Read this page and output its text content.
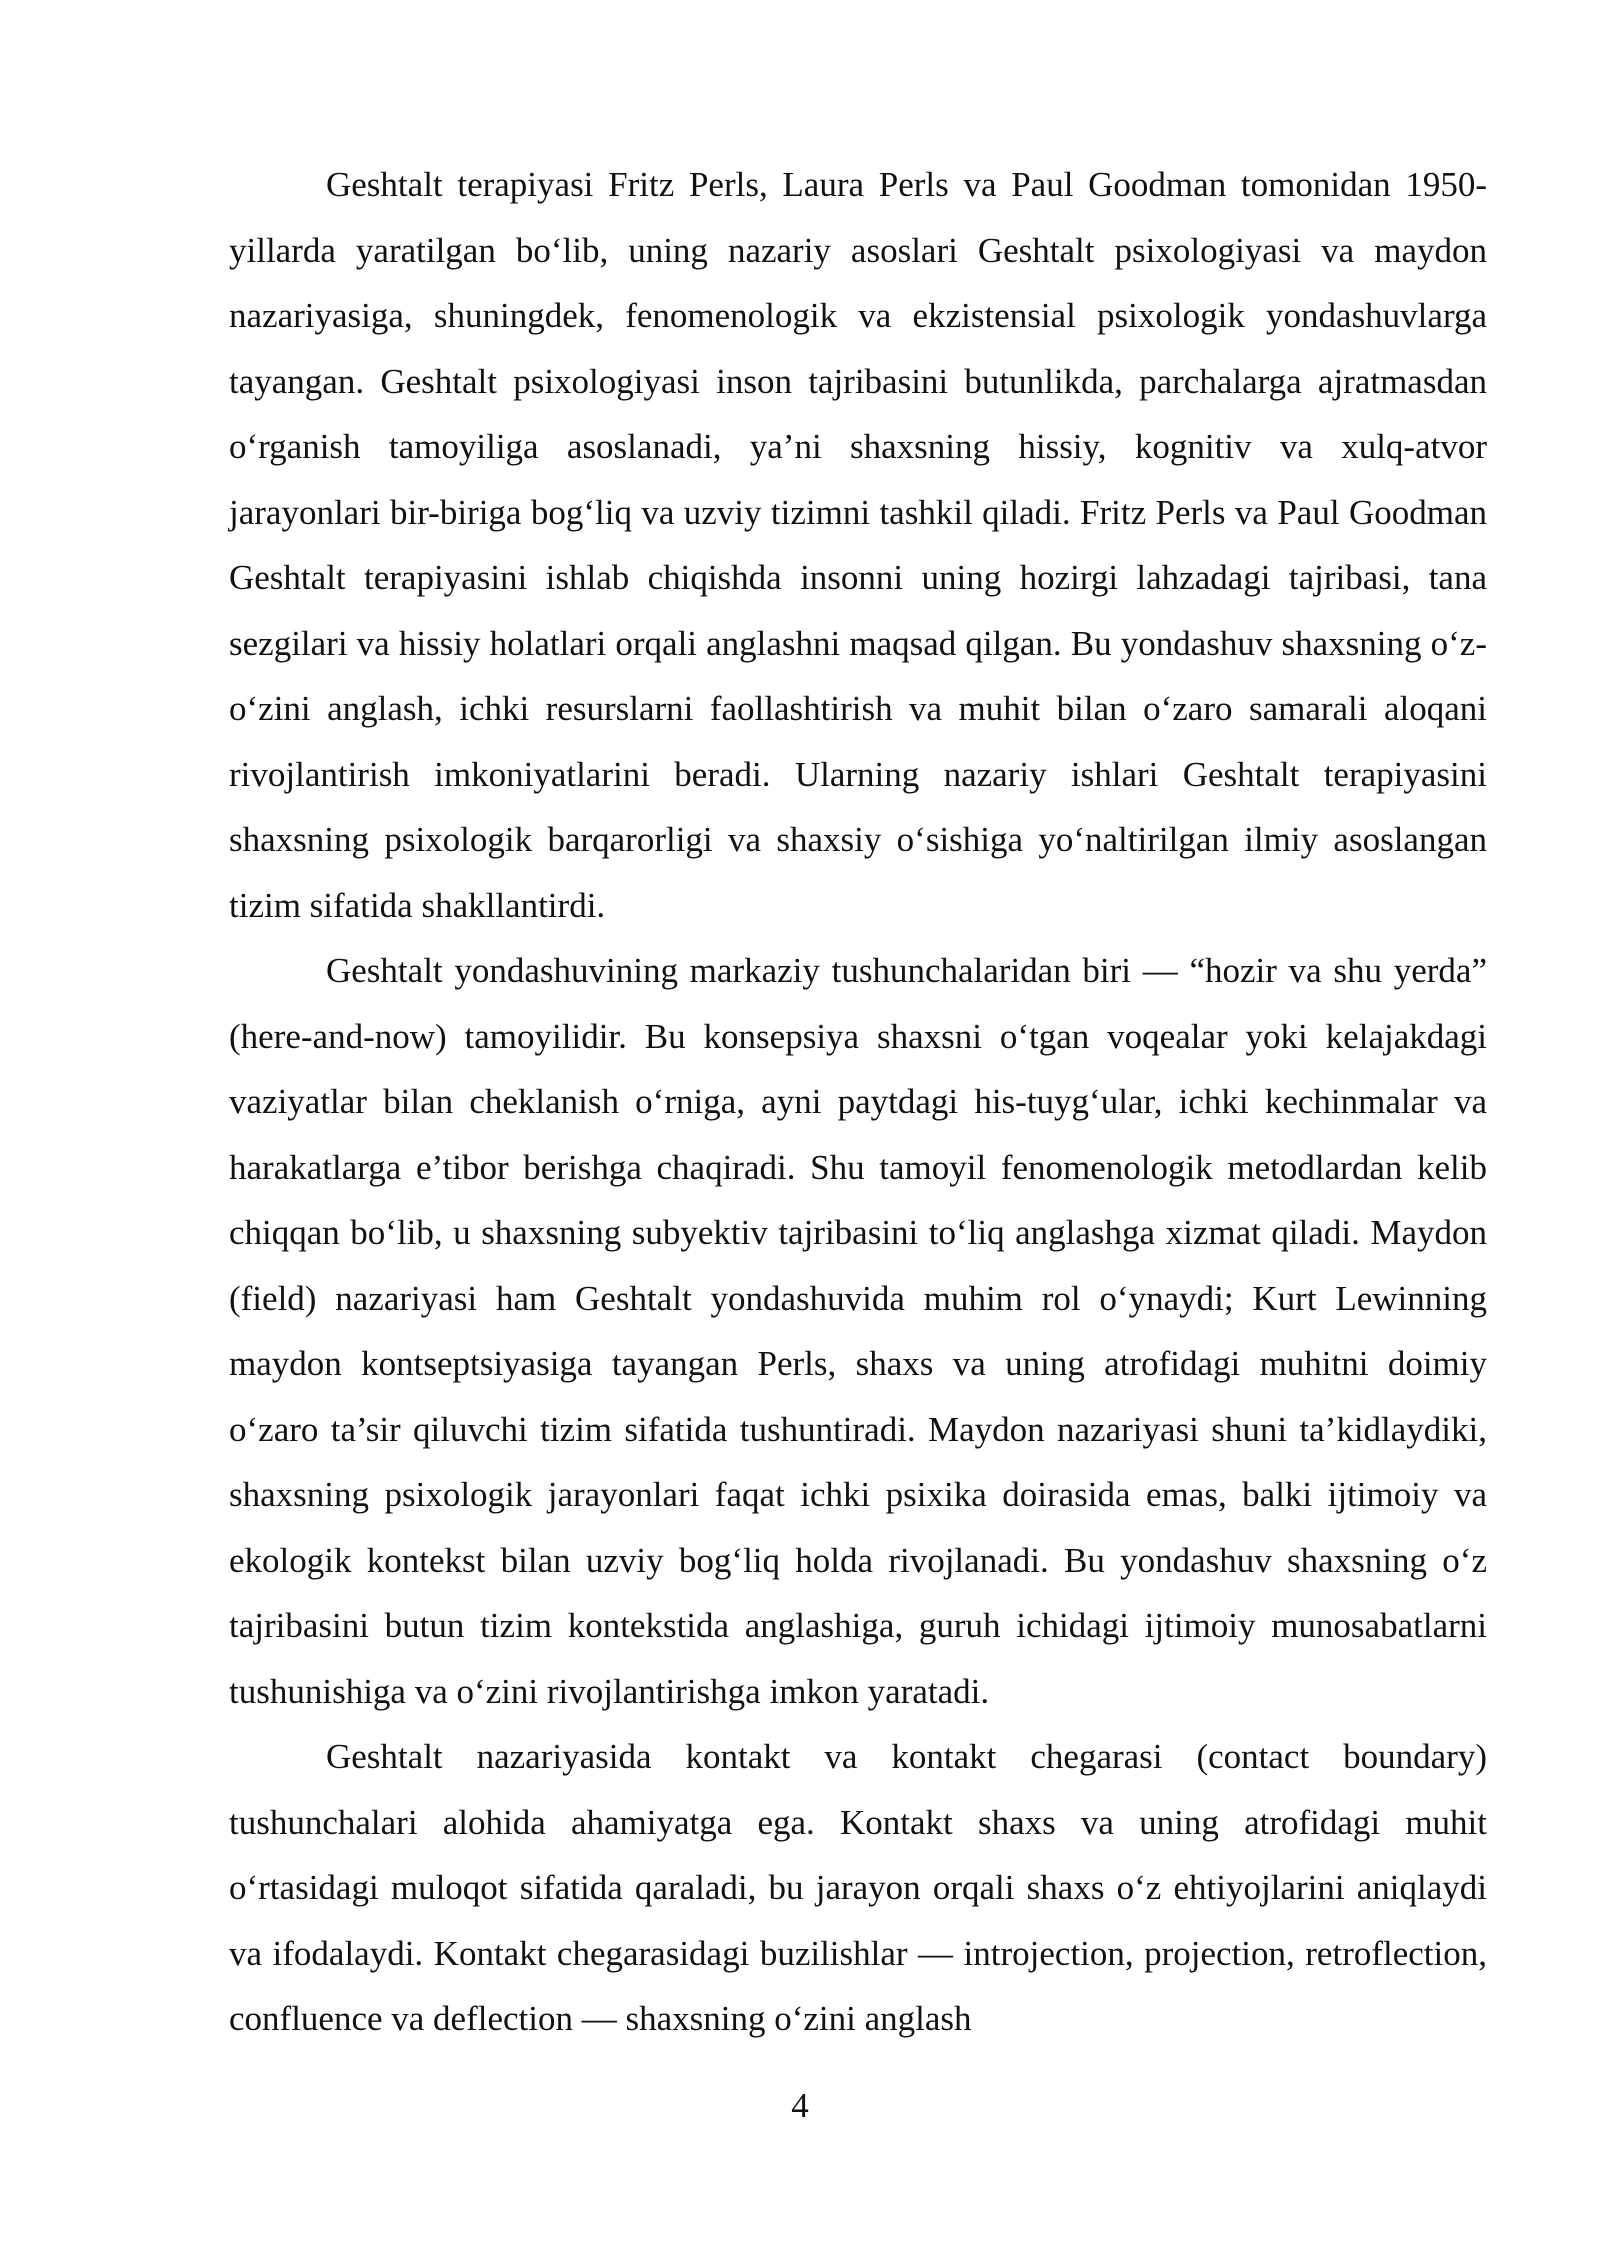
Geshtalt terapiyasi Fritz Perls, Laura Perls va Paul Goodman tomonidan 1950-yillarda yaratilgan bo‘lib, uning nazariy asoslari Geshtalt psixologiyasi va maydon nazariyasiga, shuningdek, fenomenologik va ekzistensial psixologik yondashuvlarga tayangan. Geshtalt psixologiyasi inson tajribasini butunlikda, parchalarga ajratmasdan o‘rganish tamoyiliga asoslanadi, ya’ni shaxsning hissiy, kognitiv va xulq-atvor jarayonlari bir-biriga bog‘liq va uzviy tizimni tashkil qiladi. Fritz Perls va Paul Goodman Geshtalt terapiyasini ishlab chiqishda insonni uning hozirgi lahzadagi tajribasi, tana sezgilari va hissiy holatlari orqali anglashni maqsad qilgan. Bu yondashuv shaxsning o‘z-o‘zini anglash, ichki resurslarni faollashtirish va muhit bilan o‘zaro samarali aloqani rivojlantirish imkoniyatlarini beradi. Ularning nazariy ishlari Geshtalt terapiyasini shaxsning psixologik barqarorligi va shaxsiy o‘sishiga yo‘naltirilgan ilmiy asoslangan tizim sifatida shakllantirdi.

Geshtalt yondashuvining markaziy tushunchalaridan biri — “hozir va shu yerda” (here-and-now) tamoyilidir. Bu konsepsiya shaxsni o‘tgan voqealar yoki kelajakdagi vaziyatlar bilan cheklanish o‘rniga, ayni paytdagi his-tuyg‘ular, ichki kechinmalar va harakatlarga e’tibor berishga chaqiradi. Shu tamoyil fenomenologik metodlardan kelib chiqqan bo‘lib, u shaxsning subyektiv tajribasini to‘liq anglashga xizmat qiladi. Maydon (field) nazariyasi ham Geshtalt yondashuvida muhim rol o‘ynaydi; Kurt Lewinning maydon kontseptsiyasiga tayangan Perls, shaxs va uning atrofidagi muhitni doimiy o‘zaro ta’sir qiluvchi tizim sifatida tushuntiradi. Maydon nazariyasi shuni ta’kidlaydiki, shaxsning psixologik jarayonlari faqat ichki psixika doirasida emas, balki ijtimoiy va ekologik kontekst bilan uzviy bog‘liq holda rivojlanadi. Bu yondashuv shaxsning o‘z tajribasini butun tizim kontekstida anglashiga, guruh ichidagi ijtimoiy munosabatlarni tushunishiga va o‘zini rivojlantirishga imkon yaratadi.

Geshtalt nazariyasida kontakt va kontakt chegarasi (contact boundary) tushunchalari alohida ahamiyatga ega. Kontakt shaxs va uning atrofidagi muhit o‘rtasidagi muloqot sifatida qaraladi, bu jarayon orqali shaxs o‘z ehtiyojlarini aniqlaydi va ifodalaydi. Kontakt chegarasidagi buzilishlar — introjection, projection, retroflection, confluence va deflection — shaxsning o‘zini anglash

4
